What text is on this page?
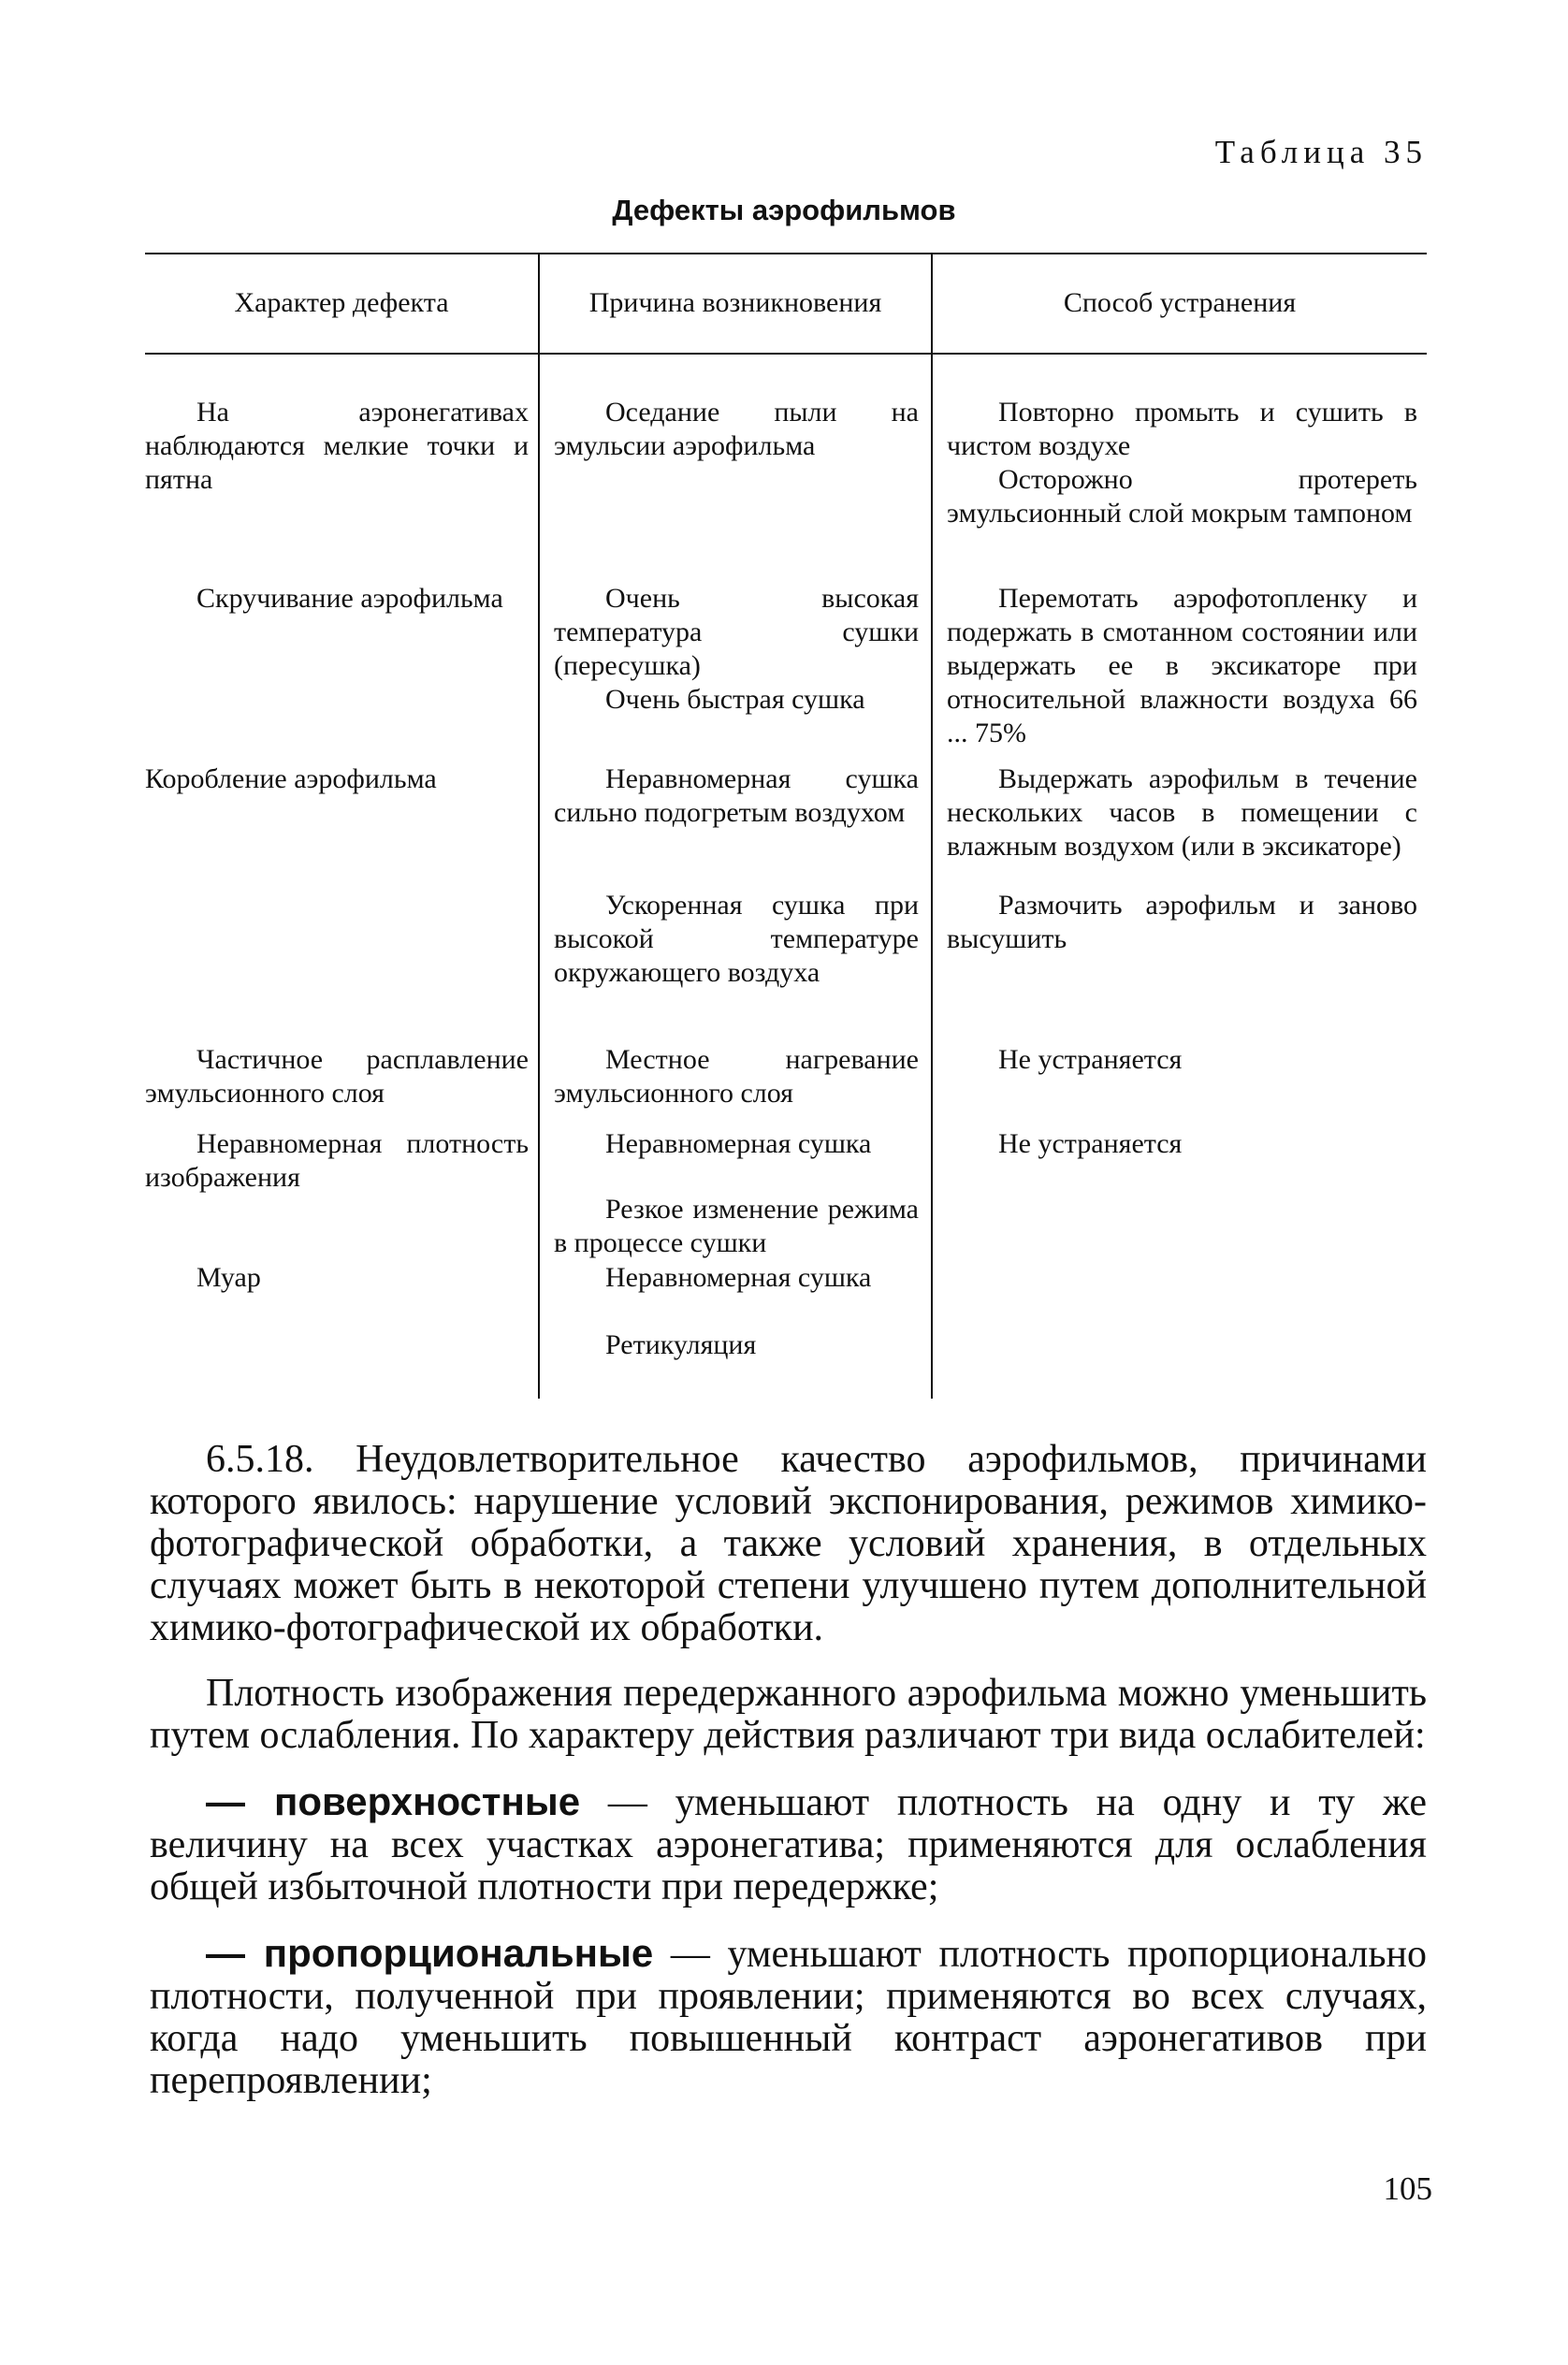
Таблица 35
Дефекты аэрофильмов
Характер дефекта	Причина возникновения	Способ устранения
На аэронегативах наблюдаются мелкие точки и пятна
Скручивание аэрофильма
Коробление аэрофильма
Частичное расплавление эмульсионного слоя
Неравномерная плотность изображения
Муар
Оседание пыли на эмульсии аэрофильма
Очень высокая температура сушки (пересушка)
Очень быстрая сушка
Неравномерная сушка сильно подогретым воздухом
Ускоренная сушка при высокой температуре окружающего воздуха
Местное нагревание эмульсионного слоя
Неравномерная сушка
Резкое изменение режима в процессе сушки
Неравномерная сушка
Ретикуляция
Повторно промыть и сушить в чистом воздухе
Осторожно протереть эмульсионный слой мокрым тампоном
Перемотать аэрофотопленку и подержать в смотанном состоянии или выдержать ее в эксикаторе при относительной влажности воздуха 66 ... 75%
Выдержать аэрофильм в течение нескольких часов в помещении с влажным воздухом (или в эксикаторе)
Размочить аэрофильм и заново высушить
Не устраняется
Не устраняется

6.5.18. Неудовлетворительное качество аэрофильмов, причинами которого явилось: нарушение условий экспонирования, режимов химико-фотографической обработки, а также условий хранения, в отдельных случаях может быть в некоторой степени улучшено путем дополнительной химико-фотографической их обработки.

Плотность изображения передержанного аэрофильма можно уменьшить путем ослабления. По характеру действия различают три вида ослабителей:

— поверхностные — уменьшают плотность на одну и ту же величину на всех участках аэронегатива; применяются для ослабления общей избыточной плотности при передержке;

— пропорциональные — уменьшают плотность пропорционально плотности, полученной при проявлении; применяются во всех случаях, когда надо уменьшить повышенный контраст аэронегативов при перепроявлении;

105
